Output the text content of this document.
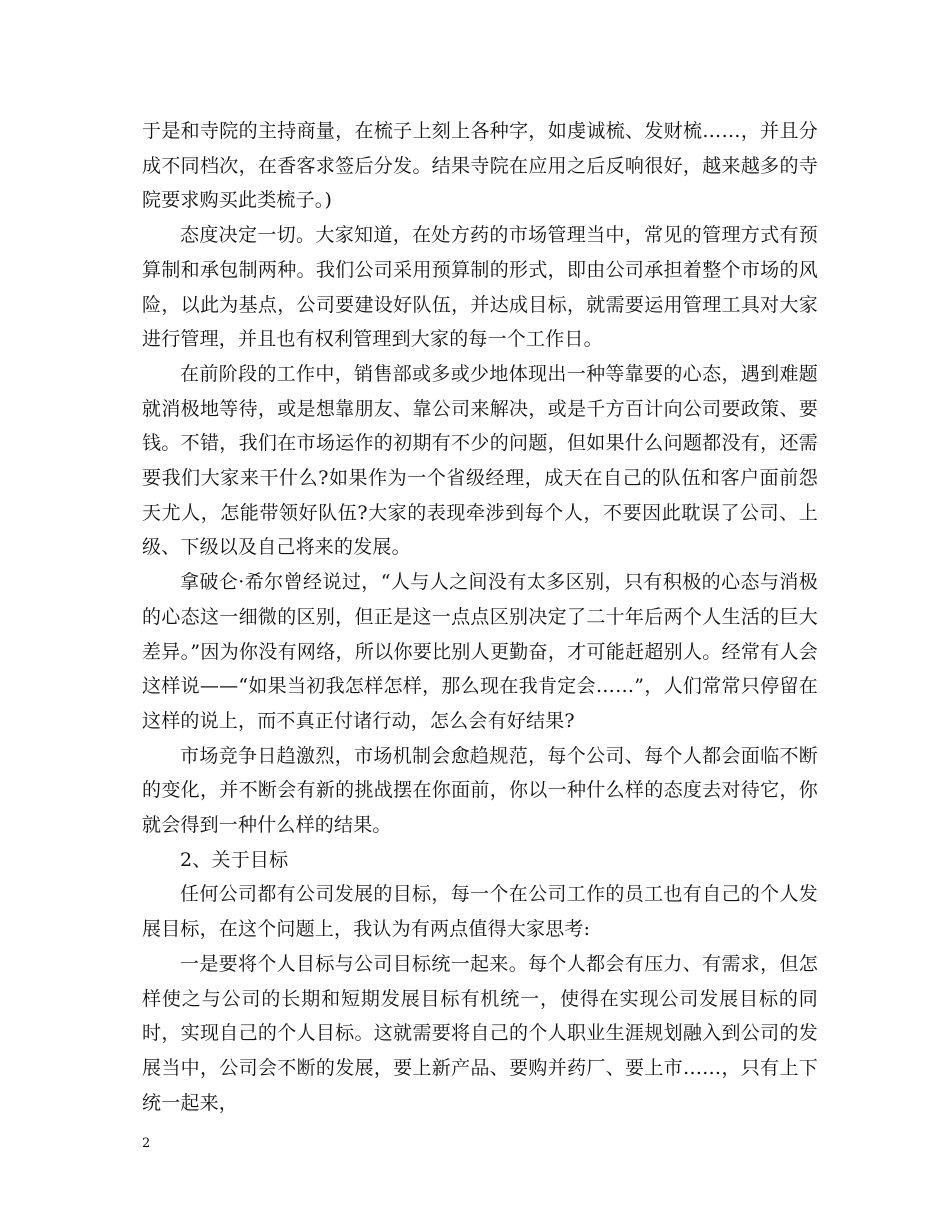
于是和寺院的主持商量，在梳子上刻上各种字，如虔诚梳、发财梳……，并且分成不同档次，在香客求签后分发。结果寺院在应用之后反响很好，越来越多的寺院要求购买此类梳子。)

态度决定一切。大家知道，在处方药的市场管理当中，常见的管理方式有预算制和承包制两种。我们公司采用预算制的形式，即由公司承担着整个市场的风险，以此为基点，公司要建设好队伍，并达成目标，就需要运用管理工具对大家进行管理，并且也有权利管理到大家的每一个工作日。

在前阶段的工作中，销售部或多或少地体现出一种等靠要的心态，遇到难题就消极地等待，或是想靠朋友、靠公司来解决，或是千方百计向公司要政策、要钱。不错，我们在市场运作的初期有不少的问题，但如果什么问题都没有，还需要我们大家来干什么?如果作为一个省级经理，成天在自己的队伍和客户面前怨天尤人，怎能带领好队伍?大家的表现牵涉到每个人，不要因此耽误了公司、上级、下级以及自己将来的发展。

拿破仑·希尔曾经说过，“人与人之间没有太多区别，只有积极的心态与消极的心态这一细微的区别，但正是这一点点区别决定了二十年后两个人生活的巨大差异。”因为你没有网络，所以你要比别人更勤奋，才可能赶超别人。经常有人会这样说——“如果当初我怎样怎样，那么现在我肯定会……”，人们常常只停留在这样的说上，而不真正付诸行动，怎么会有好结果?

市场竞争日趋激烈，市场机制会愈趋规范，每个公司、每个人都会面临不断的变化，并不断会有新的挑战摆在你面前，你以一种什么样的态度去对待它，你就会得到一种什么样的结果。

2、关于目标

任何公司都有公司发展的目标，每一个在公司工作的员工也有自己的个人发展目标，在这个问题上，我认为有两点值得大家思考:

一是要将个人目标与公司目标统一起来。每个人都会有压力、有需求，但怎样使之与公司的长期和短期发展目标有机统一，使得在实现公司发展目标的同时，实现自己的个人目标。这就需要将自己的个人职业生涯规划融入到公司的发展当中，公司会不断的发展，要上新产品、要购并药厂、要上市……，只有上下统一起来，

2
